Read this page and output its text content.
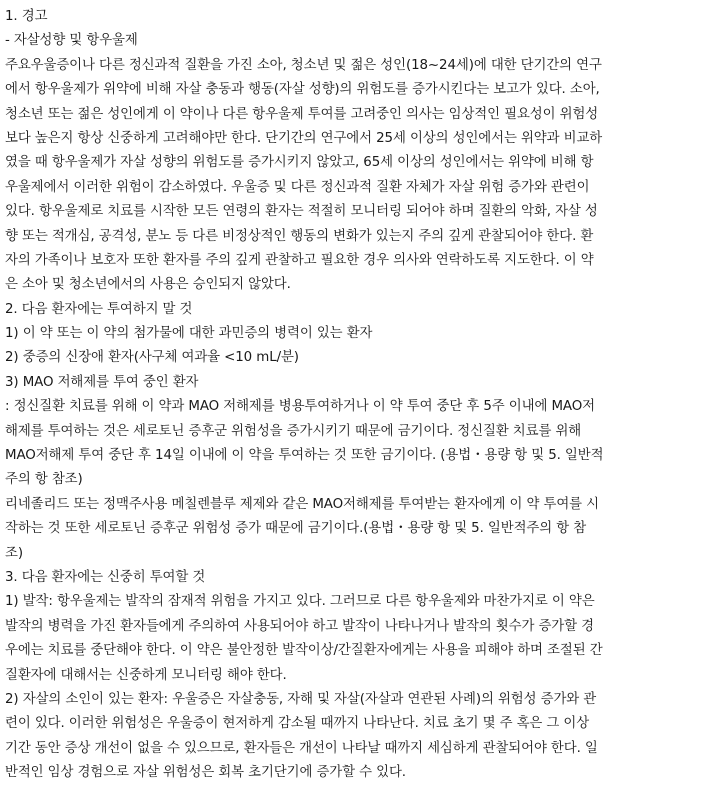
1. 경고
- 자살성향 및 항우울제
주요우울증이나 다른 정신과적 질환을 가진 소아, 청소년 및 젊은 성인(18~24세)에 대한 단기간의 연구
에서 항우울제가 위약에 비해 자살 충동과 행동(자살 성향)의 위험도를 증가시킨다는 보고가 있다. 소아,
청소년 또는 젊은 성인에게 이 약이나 다른 항우울제 투여를 고려중인 의사는 임상적인 필요성이 위험성
보다 높은지 항상 신중하게 고려해야만 한다. 단기간의 연구에서 25세 이상의 성인에서는 위약과 비교하
였을 때 항우울제가 자살 성향의 위험도를 증가시키지 않았고, 65세 이상의 성인에서는 위약에 비해 항
우울제에서 이러한 위험이 감소하였다. 우울증 및 다른 정신과적 질환 자체가 자살 위험 증가와 관련이
있다. 항우울제로 치료를 시작한 모든 연령의 환자는 적절히 모니터링 되어야 하며 질환의 악화, 자살 성
향 또는 적개심, 공격성, 분노 등 다른 비정상적인 행동의 변화가 있는지 주의 깊게 관찰되어야 한다. 환
자의 가족이나 보호자 또한 환자를 주의 깊게 관찰하고 필요한 경우 의사와 연락하도록 지도한다. 이 약
은 소아 및 청소년에서의 사용은 승인되지 않았다.
2. 다음 환자에는 투여하지 말 것
1) 이 약 또는 이 약의 첨가물에 대한 과민증의 병력이 있는 환자
2) 중증의 신장애 환자(사구체 여과율 <10 mL/분)
3) MAO 저해제를 투여 중인 환자
: 정신질환 치료를 위해 이 약과 MAO 저해제를 병용투여하거나 이 약 투여 중단 후 5주 이내에 MAO저
해제를 투여하는 것은 세로토닌 증후군 위험성을 증가시키기 때문에 금기이다. 정신질환 치료를 위해
MAO저해제 투여 중단 후 14일 이내에 이 약을 투여하는 것 또한 금기이다. (용법・용량 항 및 5. 일반적
주의 항 참조)
리네졸리드 또는 정맥주사용 메칠렌블루 제제와 같은 MAO저해제를 투여받는 환자에게 이 약 투여를 시
작하는 것 또한 세로토닌 증후군 위험성 증가 때문에 금기이다.(용법・용량 항 및 5. 일반적주의 항 참
조)
3. 다음 환자에는 신중히 투여할 것
1) 발작: 항우울제는 발작의 잠재적 위험을 가지고 있다. 그러므로 다른 항우울제와 마찬가지로 이 약은
발작의 병력을 가진 환자들에게 주의하여 사용되어야 하고 발작이 나타나거나 발작의 횟수가 증가할 경
우에는 치료를 중단해야 한다. 이 약은 불안정한 발작이상/간질환자에게는 사용을 피해야 하며 조절된 간
질환자에 대해서는 신중하게 모니터링 해야 한다.
2) 자살의 소인이 있는 환자: 우울증은 자살충동, 자해 및 자살(자살과 연관된 사례)의 위험성 증가와 관
련이 있다. 이러한 위험성은 우울증이 현저하게 감소될 때까지 나타난다. 치료 초기 몇 주 혹은 그 이상
기간 동안 증상 개선이 없을 수 있으므로, 환자들은 개선이 나타날 때까지 세심하게 관찰되어야 한다. 일
반적인 임상 경험으로 자살 위험성은 회복 초기단기에 증가할 수 있다.
